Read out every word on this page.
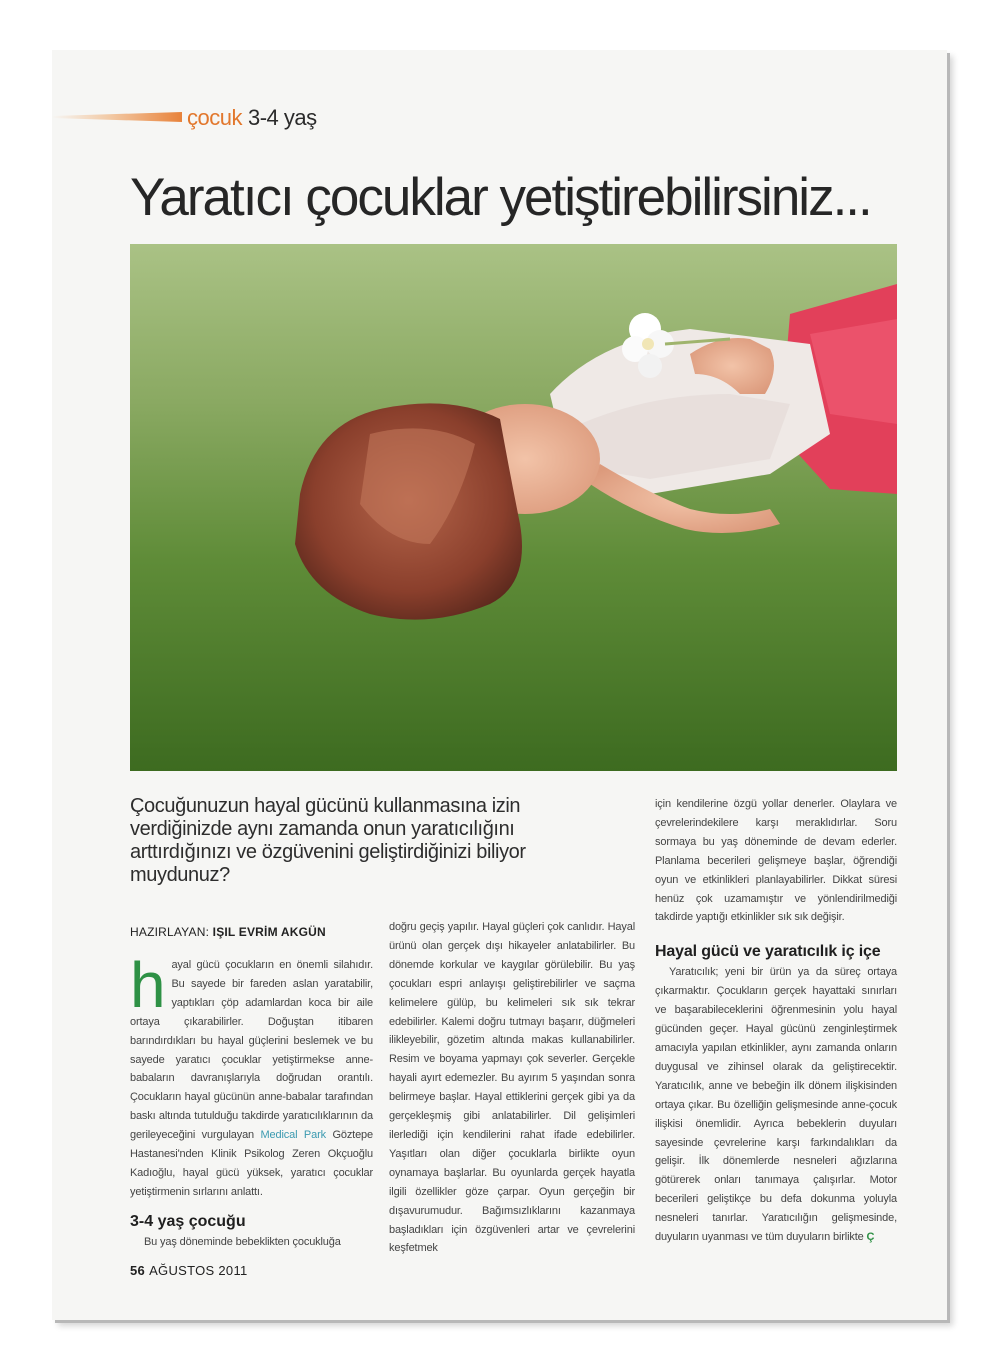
çocuk 3-4 yaş
Yaratıcı çocuklar yetiştirebilirsiniz...
Çocuğunuzun hayal gücünü kullanmasına izin verdiğinizde aynı zamanda onun yaratıcılığını arttırdığınızı ve özgüvenini geliştirdiğinizi biliyor muydunuz?
HAZIRLAYAN: IŞIL EVRİM AKGÜN

hayal gücü çocukların en önemli silahıdır. Bu sayede bir fareden aslan yaratabilir, yaptıkları çöp adamlardan koca bir aile ortaya çıkarabilirler. Doğuştan itibaren barındırdıkları bu hayal güçlerini beslemek ve bu sayede yaratıcı çocuklar yetiştirmekse anne-babaların davranışlarıyla doğrudan orantılı. Çocukların hayal gücünün anne-babalar tarafından baskı altında tutulduğu takdirde yaratıcılıklarının da gerileyeceğini vurgulayan Medical Park Göztepe Hastanesi'nden Klinik Psikolog Zeren Okçuoğlu Kadıoğlu, hayal gücü yüksek, yaratıcı çocuklar yetiştirmenin sırlarını anlattı.

3-4 yaş çocuğu

Bu yaş döneminde bebeklikten çocukluğa

doğru geçiş yapılır. Hayal güçleri çok canlıdır. Hayal ürünü olan gerçek dışı hikayeler anlatabilirler. Bu dönemde korkular ve kaygılar görülebilir. Bu yaş çocukları espri anlayışı geliştirebilirler ve saçma kelimelere gülüp, bu kelimeleri sık sık tekrar edebilirler. Kalemi doğru tutmayı başarır, düğmeleri iliklеyebilir, gözetim altında makas kullanabilirler. Resim ve boyama yapmayı çok severler. Gerçekle hayali ayırt edemezler. Bu ayırım 5 yaşından sonra belirmeye başlar. Hayal ettiklerini gerçek gibi ya da gerçekleşmiş gibi anlatabilirler. Dil gelişimleri ilerlediği için kendilerini rahat ifade edebilirler. Yaşıtları olan diğer çocuklarla birlikte oyun oynamaya başlarlar. Bu oyunlarda gerçek hayatla ilgili özellikler göze çarpar. Oyun gerçeğin bir dışavurumudur. Bağımsızlıklarını kazanmaya başladıkları için özgüvenleri artar ve çevrelerini keşfetmek

için kendilerine özgü yollar denerler. Olaylara ve çevrelerindekilere karşı meraklıdırlar. Soru sormaya bu yaş döneminde de devam ederler. Planlama becerileri gelişmeye başlar, öğrendiği oyun ve etkinlikleri planlayabilirler. Dikkat süresi henüz çok uzamamıştır ve yönlendirilmediği takdirde yaptığı etkinlikler sık sık değişir.

Hayal gücü ve yaratıcılık iç içe

Yaratıcılık; yeni bir ürün ya da süreç ortaya çıkarmaktır. Çocukların gerçek hayattaki sınırları ve başarabileceklerini öğrenmesinin yolu hayal gücünden geçer. Hayal gücünü zenginleştirmek amacıyla yapılan etkinlikler, aynı zamanda onların duygusal ve zihinsel olarak da geliştirecektir. Yaratıcılık, anne ve bebeğin ilk dönem ilişkisinden ortaya çıkar. Bu özelliğin gelişmesinde anne-çocuk ilişkisi önemlidir. Ayrıca bebeklerin duyuları sayesinde çevrelerine karşı farkındalıkları da gelişir. İlk dönemlerde nesneleri ağızlarına götürerek onları tanımaya çalışırlar. Motor becerileri geliştikçe bu defa dokunma yoluyla nesneleri tanırlar. Yaratıcılığın gelişmesinde, duyuların uyanması ve tüm duyuların birlikte Ç

56 AĞUSTOS 2011
